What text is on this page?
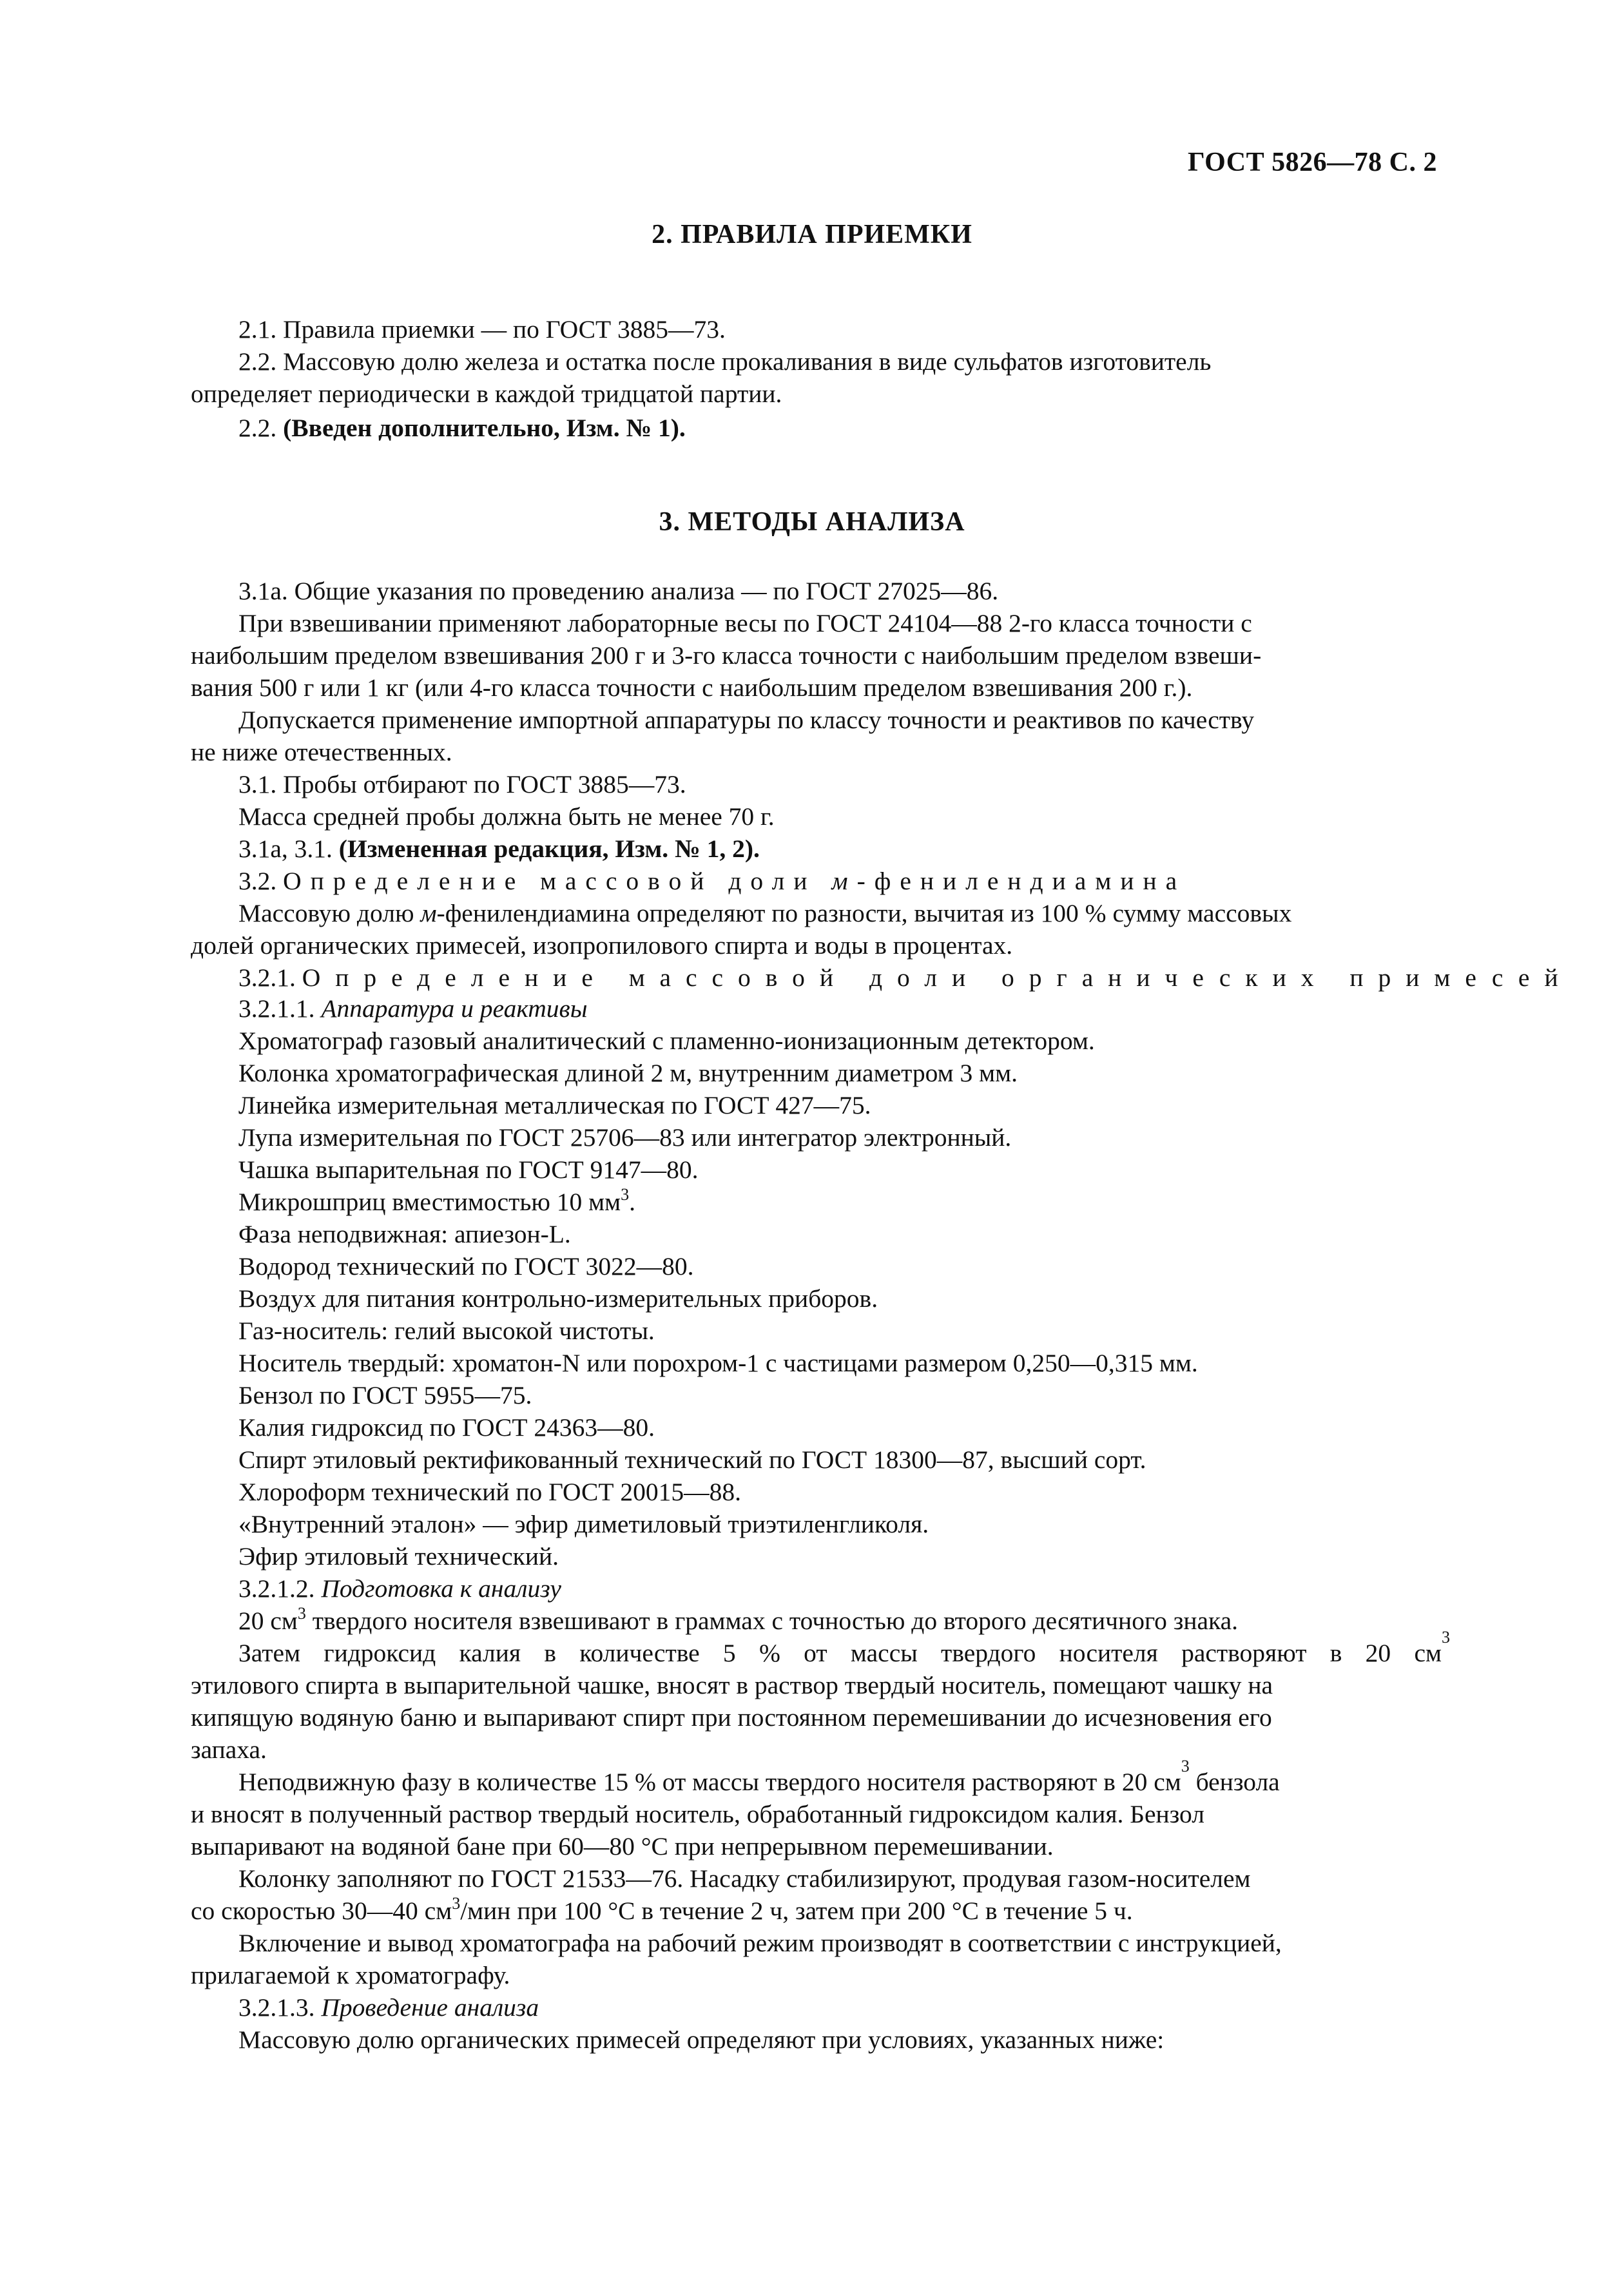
ГОСТ 5826—78 С. 2
2. ПРАВИЛА ПРИЕМКИ
2.1. Правила приемки — по ГОСТ 3885—73.
2.2. Массовую долю железа и остатка после прокаливания в виде сульфатов изготовитель
определяет периодически в каждой тридцатой партии.
2.2. (Введен дополнительно, Изм. № 1).
3. МЕТОДЫ АНАЛИЗА
3.1а. Общие указания по проведению анализа — по ГОСТ 27025—86.
При взвешивании применяют лабораторные весы по ГОСТ 24104—88 2-го класса точности с
наибольшим пределом взвешивания 200 г и 3-го класса точности с наибольшим пределом взвеши-
вания 500 г или 1 кг (или 4-го класса точности с наибольшим пределом взвешивания 200 г.).
Допускается применение импортной аппаратуры по классу точности и реактивов по качеству
не ниже отечественных.
3.1. Пробы отбирают по ГОСТ 3885—73.
Масса средней пробы должна быть не менее 70 г.
3.1а, 3.1. (Измененная редакция, Изм. № 1, 2).
3.2. Определение массовой доли м-фенилендиамина
Массовую долю м-фенилендиамина определяют по разности, вычитая из 100 % сумму массовых
долей органических примесей, изопропилового спирта и воды в процентах.
3.2.1. Определение массовой доли органических примесей
3.2.1.1. Аппаратура и реактивы
Хроматограф газовый аналитический с пламенно-ионизационным детектором.
Колонка хроматографическая длиной 2 м, внутренним диаметром 3 мм.
Линейка измерительная металлическая по ГОСТ 427—75.
Лупа измерительная по ГОСТ 25706—83 или интегратор электронный.
Чашка выпарительная по ГОСТ 9147—80.
Микрошприц вместимостью 10 $мм^3$.
Фаза неподвижная: апиезон-L.
Водород технический по ГОСТ 3022—80.
Воздух для питания контрольно-измерительных приборов.
Газ-носитель: гелий высокой чистоты.
Носитель твердый: хроматон-N или порохром-1 с частицами размером 0,250—0,315 мм.
Бензол по ГОСТ 5955—75.
Калия гидроксид по ГОСТ 24363—80.
Спирт этиловый ректификованный технический по ГОСТ 18300—87, высший сорт.
Хлороформ технический по ГОСТ 20015—88.
«Внутренний эталон» — эфир диметиловый триэтиленгликоля.
Эфир этиловый технический.
3.2.1.2. Подготовка к анализу
20 $см^3$ твердого носителя взвешивают в граммах с точностью до второго десятичного знака.
Затем гидроксид калия в количестве 5 % от массы твердого носителя растворяют в 20 см
3
этилового спирта в выпарительной чашке, вносят в раствор твердый носитель, помещают чашку на
кипящую водяную баню и выпаривают спирт при постоянном перемешивании до исчезновения его
запаха.
Неподвижную фазу в количестве 15 % от массы твердого носителя растворяют в 20 см
3
бензола
и вносят в полученный раствор твердый носитель, обработанный гидроксидом калия. Бензол
выпаривают на водяной бане при 60—80 °С при непрерывном перемешивании.
Колонку заполняют по ГОСТ 21533—76. Насадку стабилизируют, продувая газом-носителем
со скоростью 30—40 $см^3$/мин при 100 °С в течение 2 ч, затем при 200 °С в течение 5 ч.
Включение и вывод хроматографа на рабочий режим производят в соответствии с инструкцией,
прилагаемой к хроматографу.
3.2.1.3. Проведение анализа
Массовую долю органических примесей определяют при условиях, указанных ниже:
